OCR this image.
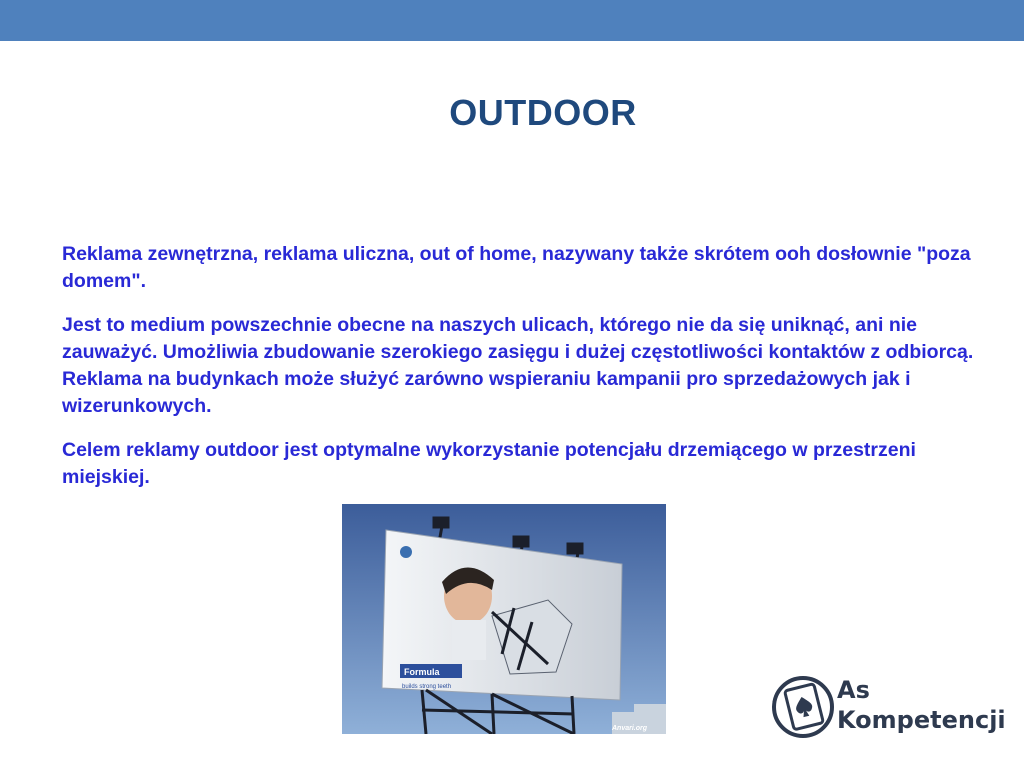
OUTDOOR

Reklama zewnętrzna, reklama uliczna, out of home, nazywany także skrótem ooh dosłownie "poza domem".

Jest to medium powszechnie obecne na naszych ulicach, którego nie da się uniknąć, ani nie zauważyć. Umożliwia zbudowanie szerokiego zasięgu i dużej częstotliwości kontaktów z odbiorcą. Reklama na budynkach może służyć zarówno wspieraniu kampanii pro sprzedażowych jak i wizerunkowych.

Celem reklamy outdoor jest optymalne wykorzystanie potencjału drzemiącego w przestrzeni miejskiej.

Formula
builds strong teeth
Anvari.org
As
Kompetencji
